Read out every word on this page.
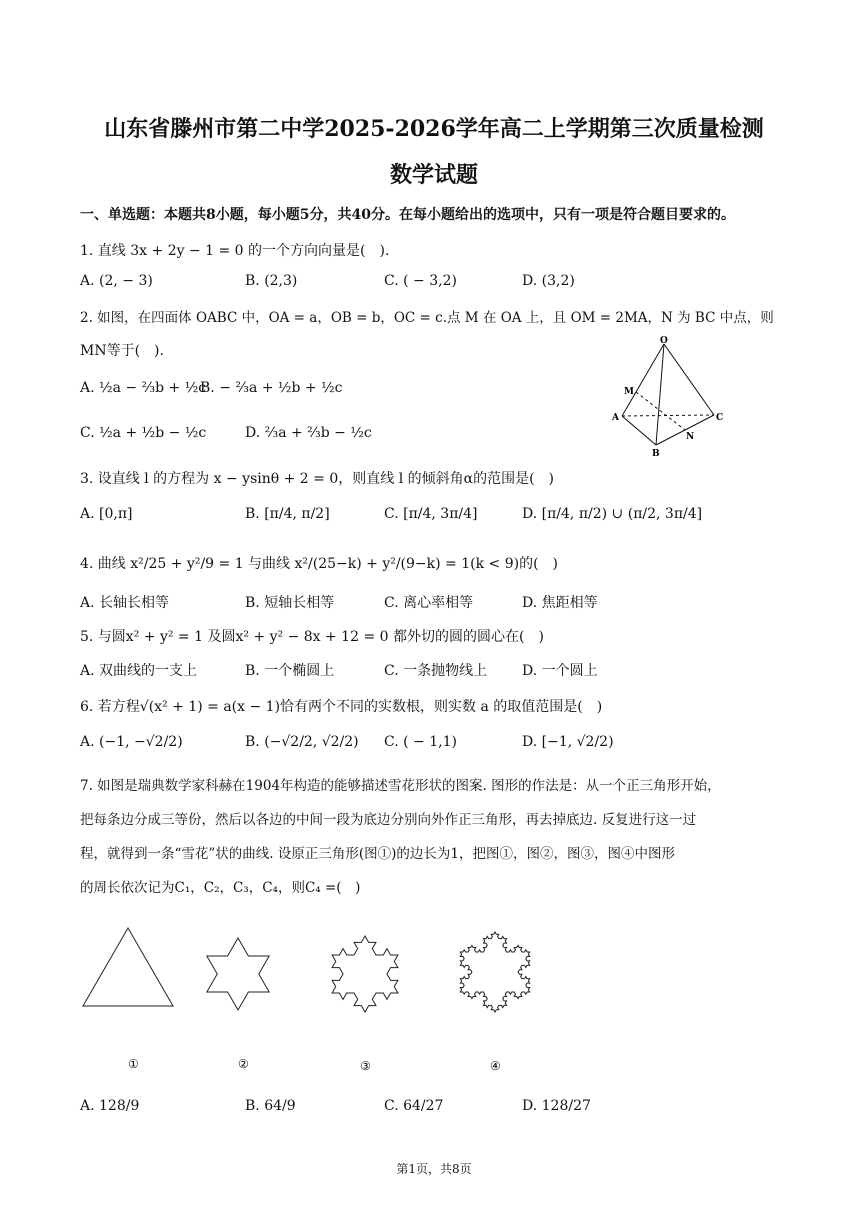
山东省滕州市第二中学2025-2026学年高二上学期第三次质量检测
数学试题
一、单选题：本题共8小题，每小题5分，共40分。在每小题给出的选项中，只有一项是符合题目要求的。
1. 直线 3x + 2y − 1 = 0 的一个方向向量是(　).
A. (2, − 3)	B. (2,3)	C. ( − 3,2)	D. (3,2)
2. 如图，在四面体 OABC 中，OA = a，OB = b，OC = c.点 M 在 OA 上，且 OM = 2MA，N 为 BC 中点，则
MN等于(　).
A. ½a − ⅔b + ½c
B. − ⅔a + ½b + ½c
C. ½a + ½b − ½c	D. ⅔a + ⅔b − ½c
O
M
A	C
N
B
3. 设直线 l 的方程为 x − ysinθ + 2 = 0，则直线 l 的倾斜角α的范围是(　)
A. [0,π]	B. [π/4, π/2]	C. [π/4, 3π/4]	D. [π/4, π/2) ∪ (π/2, 3π/4]
4. 曲线 x²/25 + y²/9 = 1 与曲线 x²/(25−k) + y²/(9−k) = 1(k < 9)的(　)
A. 长轴长相等	B. 短轴长相等	C. 离心率相等	D. 焦距相等
5. 与圆x² + y² = 1 及圆x² + y² − 8x + 12 = 0 都外切的圆的圆心在(　)
A. 双曲线的一支上	B. 一个椭圆上	C. 一条抛物线上 D. 一个圆上
6. 若方程√(x² + 1) = a(x − 1)恰有两个不同的实数根，则实数 a 的取值范围是(　)
A. (−1, −√2/2)	B. (−√2/2, √2/2) C. ( − 1,1)	D. [−1, √2/2)
7. 如图是瑞典数学家科赫在1904年构造的能够描述雪花形状的图案. 图形的作法是：从一个正三角形开始，
把每条边分成三等份，然后以各边的中间一段为底边分别向外作正三角形，再去掉底边. 反复进行这一过
程，就得到一条“雪花”状的曲线. 设原正三角形(图①)的边长为1，把图①，图②，图③，图④中图形
的周长依次记为C₁，C₂，C₃，C₄，则C₄ =(　)
①	②	③	④
A. 128/9	B. 64/9	C. 64/27	D. 128/27
第1页，共8页
